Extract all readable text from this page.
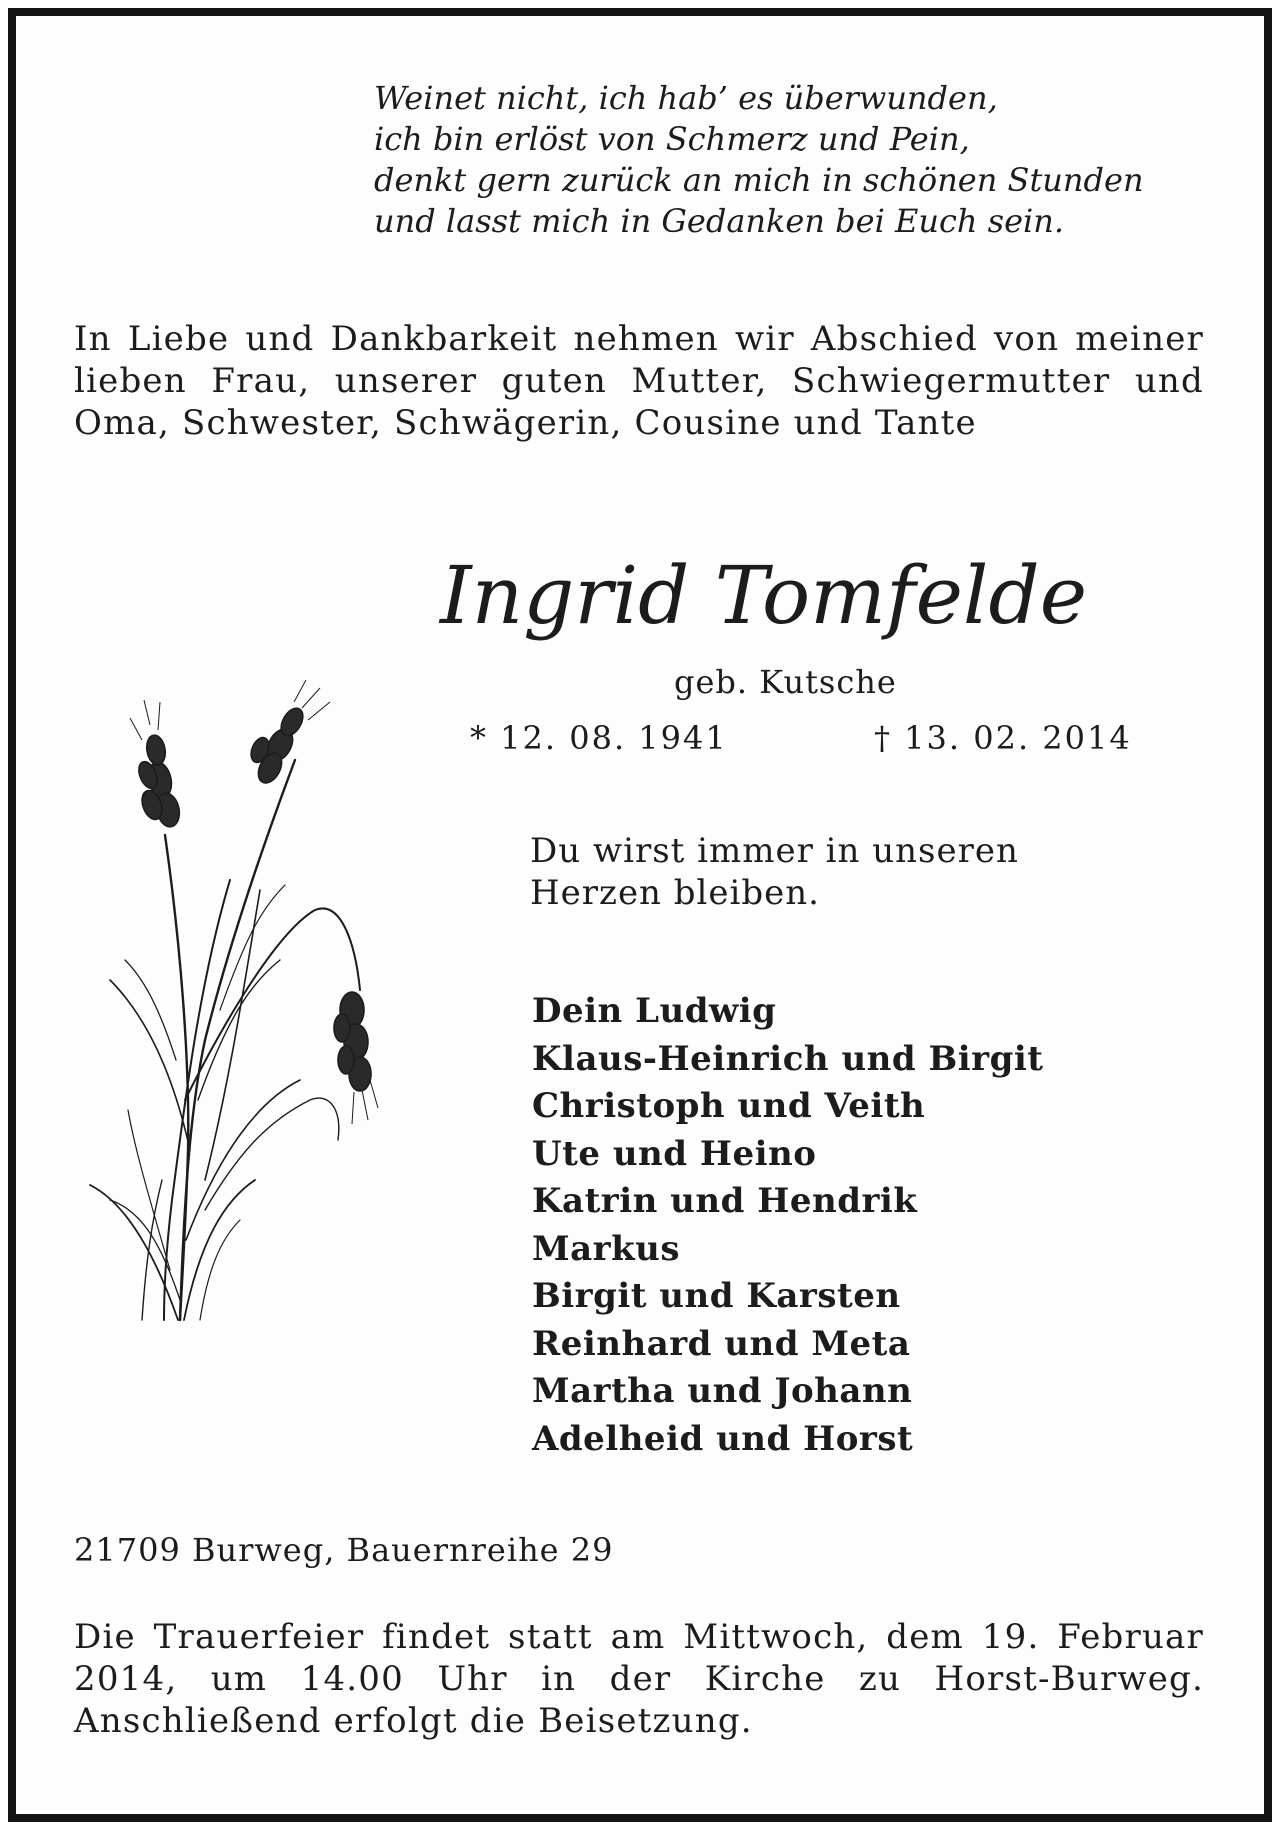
Weinet nicht, ich hab’ es überwunden,
ich bin erlöst von Schmerz und Pein,
denkt gern zurück an mich in schönen Stunden
und lasst mich in Gedanken bei Euch sein.
In Liebe und Dankbarkeit nehmen wir Abschied von meiner lieben Frau, unserer guten Mutter, Schwiegermutter und Oma, Schwester, Schwägerin, Cousine und Tante
Ingrid Tomfelde
geb. Kutsche
* 12. 08. 1941	† 13. 02. 2014
Du wirst immer in unseren
Herzen bleiben.
Dein Ludwig
Klaus-Heinrich und Birgit
Christoph und Veith
Ute und Heino
Katrin und Hendrik
Markus
Birgit und Karsten
Reinhard und Meta
Martha und Johann
Adelheid und Horst
21709 Burweg, Bauernreihe 29
Die Trauerfeier findet statt am Mittwoch, dem 19. Februar 2014, um 14.00 Uhr in der Kirche zu Horst-Burweg. Anschließend erfolgt die Beisetzung.
